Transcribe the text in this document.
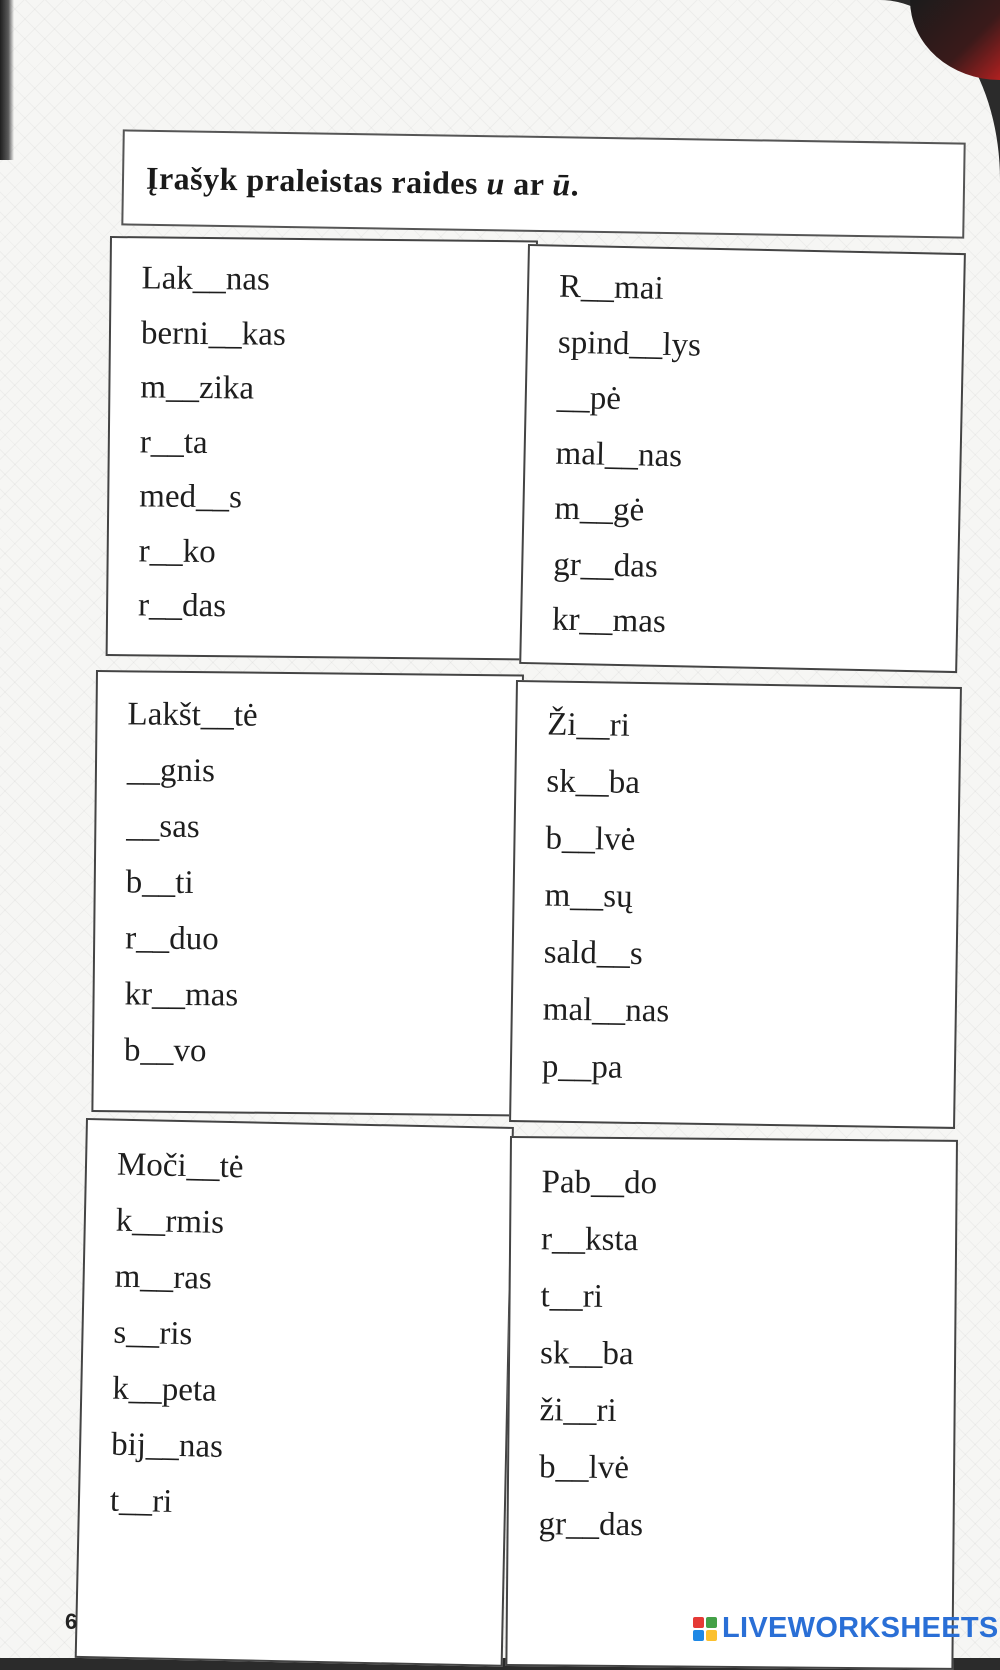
Įrašyk praleistas raides u ar ū.
Lak__nas
berni__kas
m__zika
r__ta
med__s
r__ko
r__das
R__mai
spind__lys
__pė
mal__nas
m__gė
gr__das
kr__mas
Lakšt__tė
__gnis
__sas
b__ti
r__duo
kr__mas
b__vo
Ži__ri
sk__ba
b__lvė
m__sų
sald__s
mal__nas
p__pa
Moči__tė
k__rmis
m__ras
s__ris
k__peta
bij__nas
t__ri
Pab__do
r__ksta
t__ri
sk__ba
ži__ri
b__lvė
gr__das
6	LIVEWORKSHEETS
